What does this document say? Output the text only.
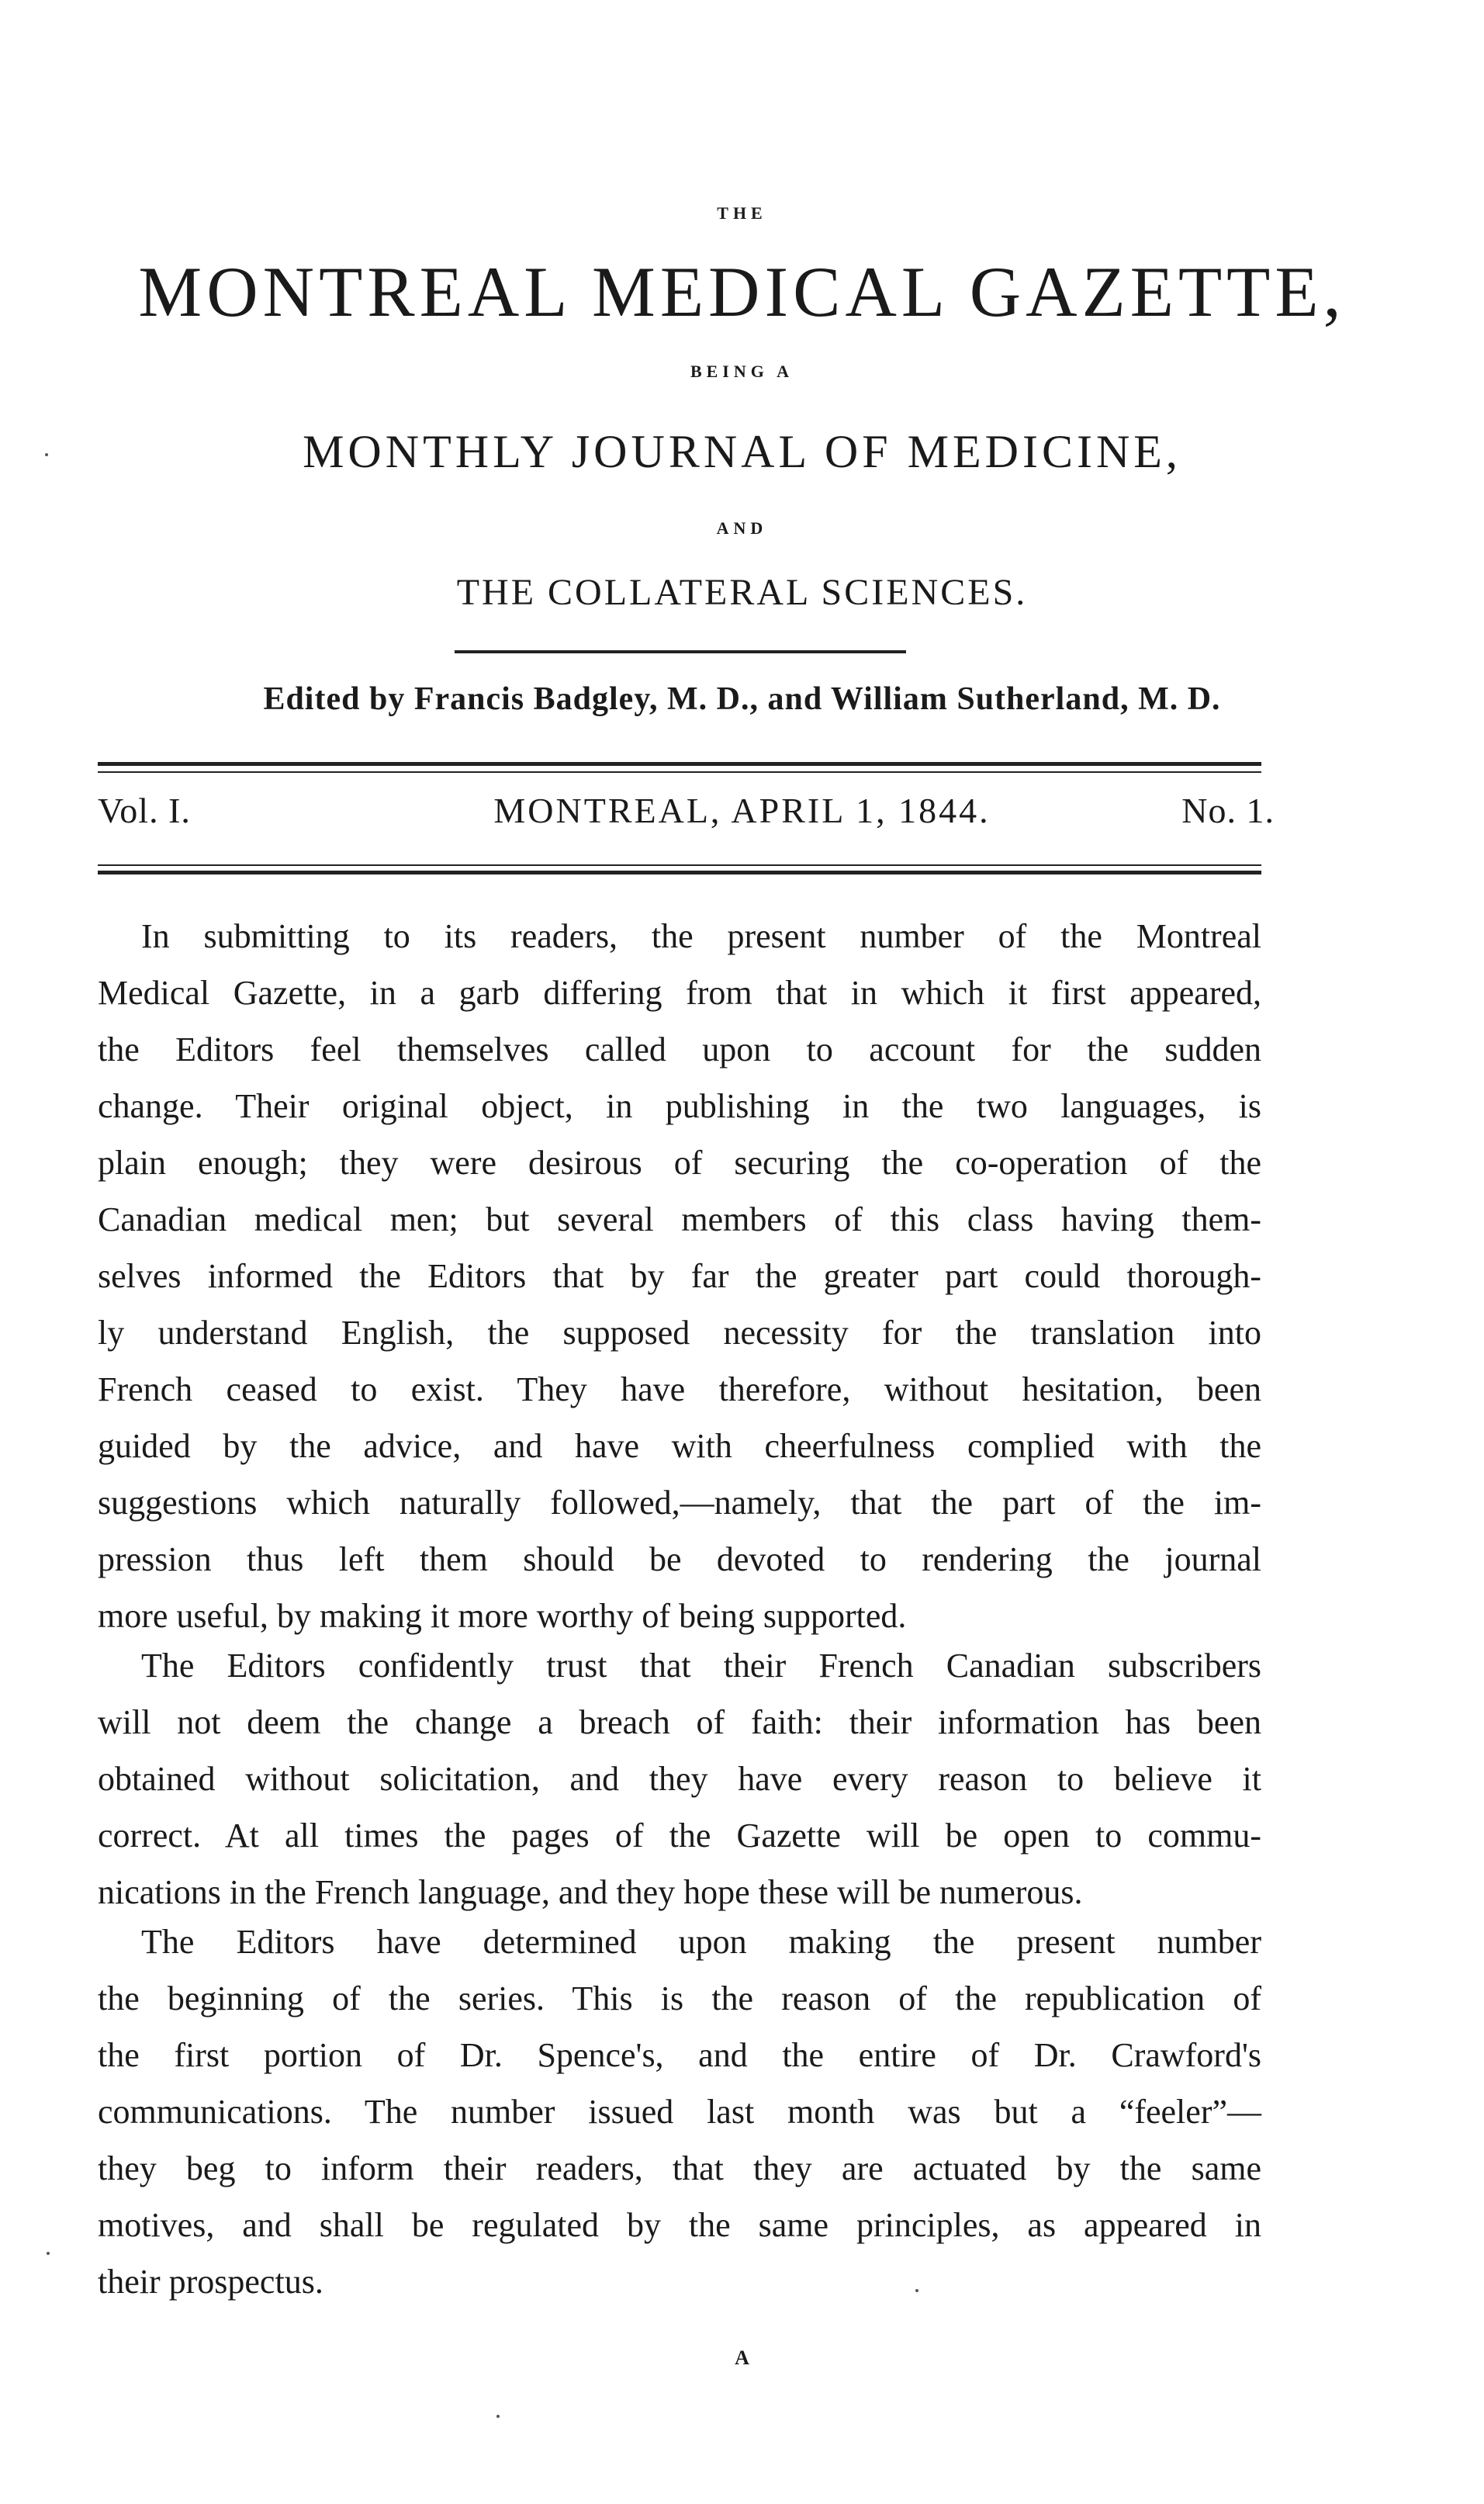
THE
MONTREAL MEDICAL GAZETTE,
BEING A
MONTHLY JOURNAL OF MEDICINE,
AND
THE COLLATERAL SCIENCES.
Edited by Francis Badgley, M. D., and William Sutherland, M. D.
Vol. I.	MONTREAL, APRIL 1, 1844.	No. 1.
In submitting to its readers, the present number of the Montreal
Medical Gazette, in a garb differing from that in which it first appeared,
the Editors feel themselves called upon to account for the sudden
change. Their original object, in publishing in the two languages, is
plain enough; they were desirous of securing the co-operation of the
Canadian medical men; but several members of this class having them-
selves informed the Editors that by far the greater part could thorough-
ly understand English, the supposed necessity for the translation into
French ceased to exist. They have therefore, without hesitation, been
guided by the advice, and have with cheerfulness complied with the
suggestions which naturally followed,—namely, that the part of the im-
pression thus left them should be devoted to rendering the journal
more useful, by making it more worthy of being supported.
The Editors confidently trust that their French Canadian subscribers
will not deem the change a breach of faith: their information has been
obtained without solicitation, and they have every reason to believe it
correct. At all times the pages of the Gazette will be open to commu-
nications in the French language, and they hope these will be numerous.
The Editors have determined upon making the present number
the beginning of the series. This is the reason of the republication of
the first portion of Dr. Spence's, and the entire of Dr. Crawford's
communications. The number issued last month was but a “feeler”—
they beg to inform their readers, that they are actuated by the same
motives, and shall be regulated by the same principles, as appeared in
their prospectus.
A
